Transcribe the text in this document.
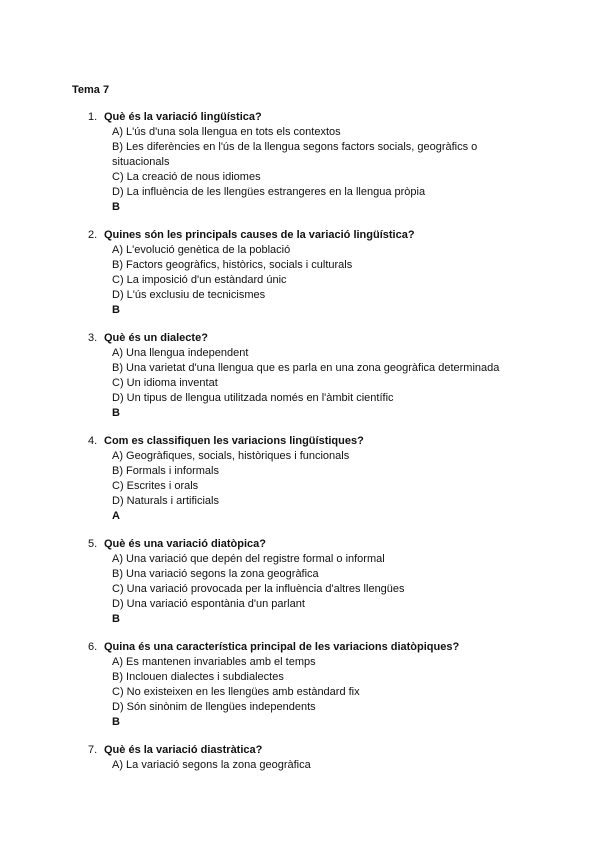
Tema 7
1. Què és la variació lingüística?
A) L'ús d'una sola llengua en tots els contextos
B) Les diferències en l'ús de la llengua segons factors socials, geogràfics o situacionals
C) La creació de nous idiomes
D) La influència de les llengües estrangeres en la llengua pròpia
B
2. Quines són les principals causes de la variació lingüística?
A) L'evolució genètica de la població
B) Factors geogràfics, històrics, socials i culturals
C) La imposició d'un estàndard únic
D) L'ús exclusiu de tecnicismes
B
3. Què és un dialecte?
A) Una llengua independent
B) Una varietat d'una llengua que es parla en una zona geogràfica determinada
C) Un idioma inventat
D) Un tipus de llengua utilitzada només en l'àmbit científic
B
4. Com es classifiquen les variacions lingüístiques?
A) Geogràfiques, socials, històriques i funcionals
B) Formals i informals
C) Escrites i orals
D) Naturals i artificials
A
5. Què és una variació diatòpica?
A) Una variació que depén del registre formal o informal
B) Una variació segons la zona geogràfica
C) Una variació provocada per la influència d'altres llengües
D) Una variació espontània d'un parlant
B
6. Quina és una característica principal de les variacions diatòpiques?
A) Es mantenen invariables amb el temps
B) Inclouen dialectes i subdialectes
C) No existeixen en les llengües amb estàndard fix
D) Són sinònim de llengües independents
B
7. Què és la variació diastràtica?
A) La variació segons la zona geogràfica
